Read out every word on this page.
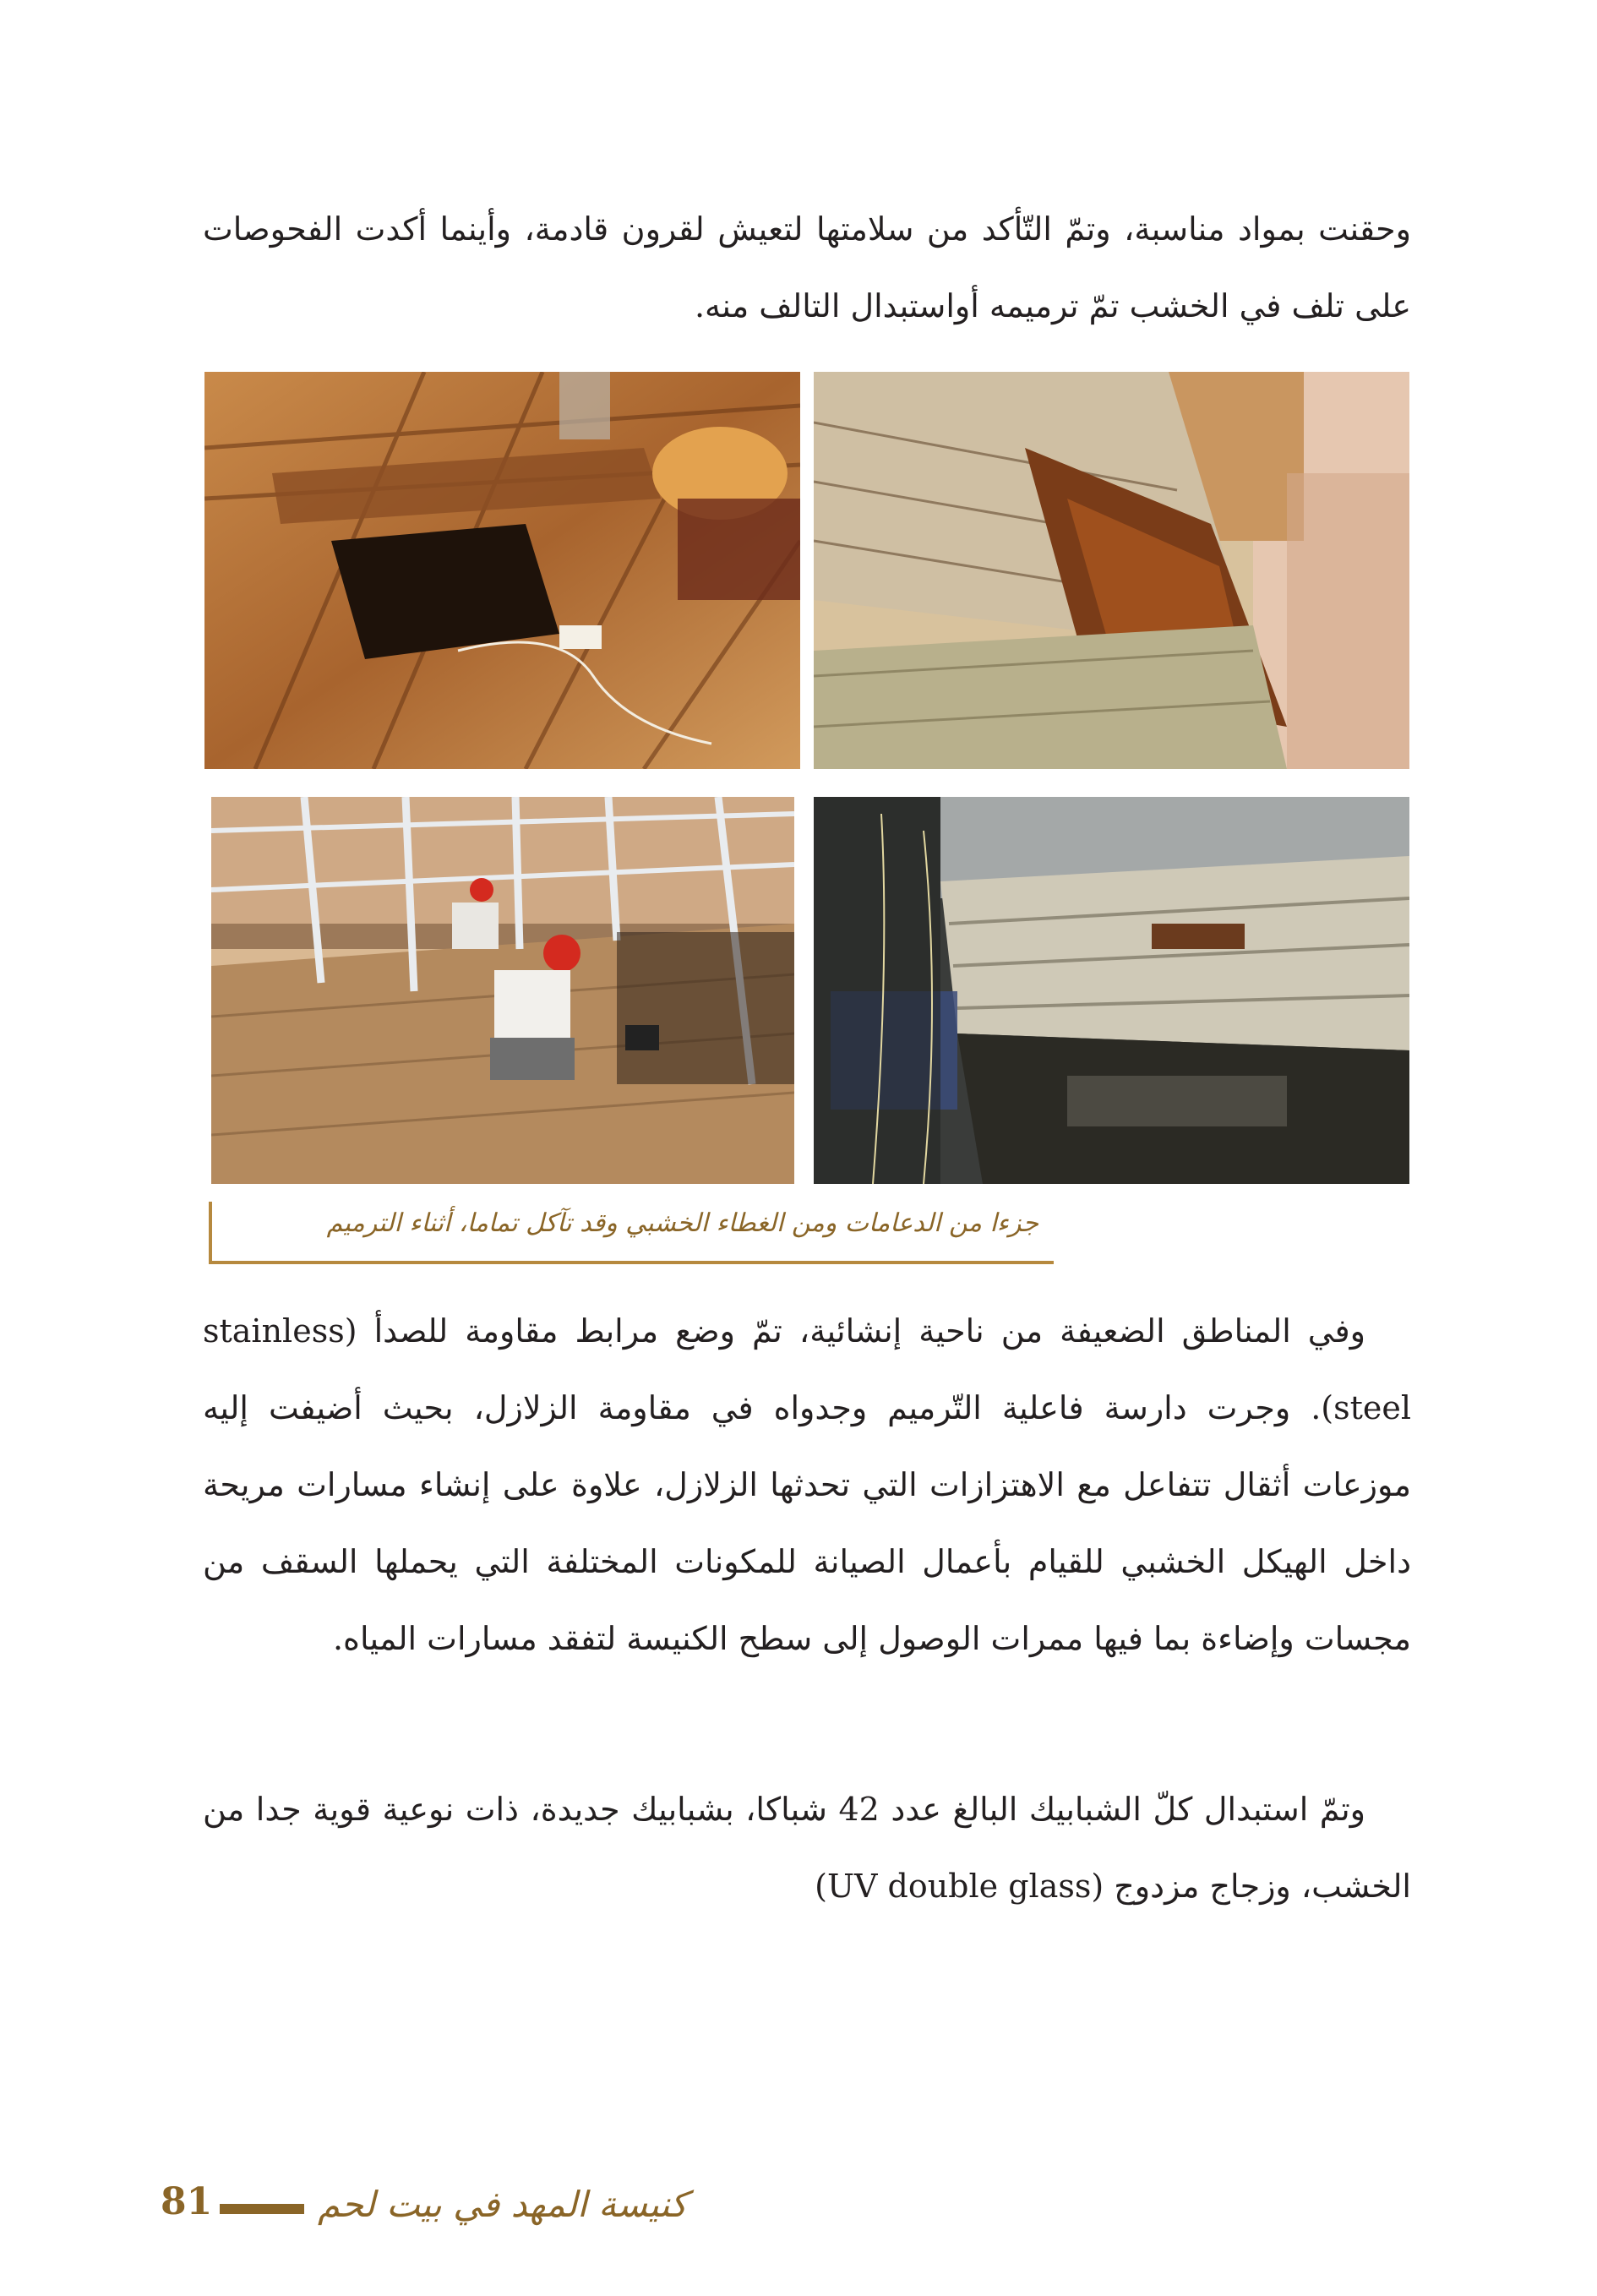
وحقنت بمواد مناسبة، وتمّ التّأكد من سلامتها لتعيش لقرون قادمة، وأينما أكدت الفحوصات على تلف في الخشب تمّ ترميمه أواستبدال التالف منه.

جزءا من الدعامات ومن الغطاء الخشبي وقد تآكل تماما، أثناء الترميم

وفي المناطق الضعيفة من ناحية إنشائية، تمّ وضع مرابط مقاومة للصدأ (stainless steel). وجرت دارسة فاعلية التّرميم وجدواه في مقاومة الزلازل، بحيث أضيفت إليه موزعات أثقال تتفاعل مع الاهتزازات التي تحدثها الزلازل، علاوة على إنشاء مسارات مريحة داخل الهيكل الخشبي للقيام بأعمال الصيانة للمكونات المختلفة التي يحملها السقف من مجسات وإضاءة بما فيها ممرات الوصول إلى سطح الكنيسة لتفقد مسارات المياه.

وتمّ استبدال كلّ الشبابيك البالغ عدد 42 شباكا، بشبابيك جديدة، ذات نوعية قوية جدا من الخشب، وزجاج مزدوج (UV double glass)

81	كنيسة المهد في بيت لحم
